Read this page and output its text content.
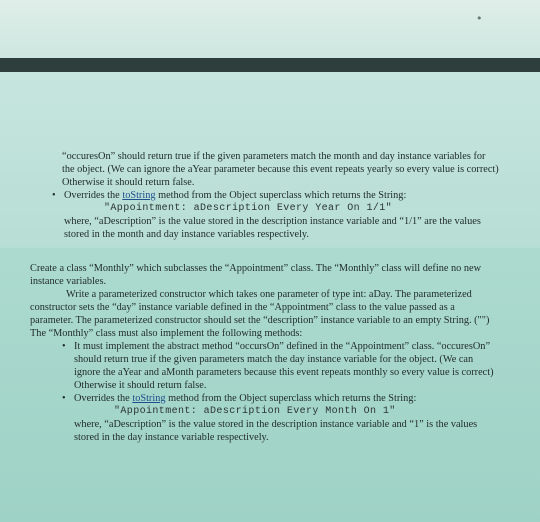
•

“occuresOn” should return true if the given parameters match the month and day instance variables for the object. (We can ignore the aYear parameter because this event repeats yearly so every value is correct) Otherwise it should return false.

• Overrides the toString method from the Object superclass which returns the String:
"Appointment: aDescription Every Year On 1/1"
where, “aDescription” is the value stored in the description instance variable and “1/1” are the values stored in the month and day instance variables respectively.

Create a class “Monthly” which subclasses the “Appointment” class. The “Monthly” class will define no new instance variables.

Write a parameterized constructor which takes one parameter of type int: aDay. The parameterized constructor sets the “day” instance variable defined in the “Appointment” class to the value passed as a parameter. The parameterized constructor should set the “description” instance variable to an empty String. ("") The “Monthly” class must also implement the following methods:

• It must implement the abstract method “occursOn” defined in the “Appointment” class. “occuresOn” should return true if the given parameters match the day instance variable for the object. (We can ignore the aYear and aMonth parameters because this event repeats monthly so every value is correct) Otherwise it should return false.
• Overrides the toString method from the Object superclass which returns the String:
"Appointment: aDescription Every Month On 1"
where, “aDescription” is the value stored in the description instance variable and “1” is the values stored in the day instance variable respectively.
